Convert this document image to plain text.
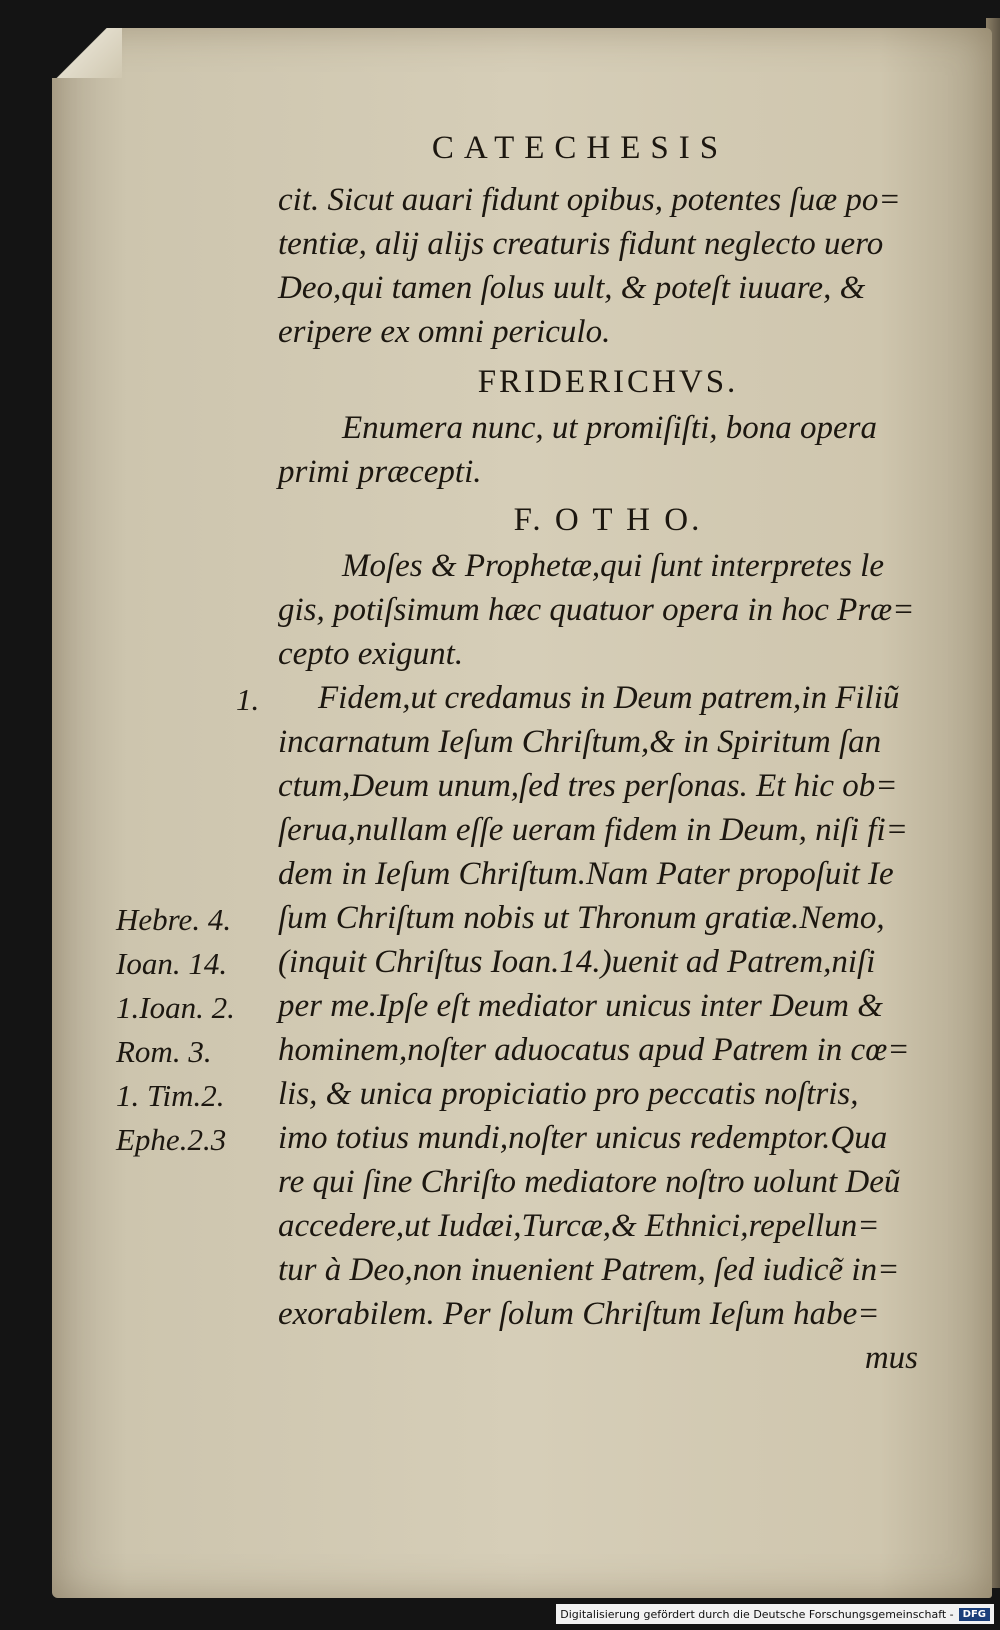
CATECHESIS
cit. Sicut auari fidunt opibus, potentes ſuæ po=
tentiæ, alij alijs creaturis fidunt neglecto uero
Deo,qui tamen ſolus uult, & poteſt iuuare, &
eripere ex omni periculo.
FRIDERICHVS.
Enumera nunc, ut promiſiſti, bona opera
primi præcepti.
F. O T H O.
Moſes & Prophetæ,qui ſunt interpretes le
gis, potiſsimum hæc quatuor opera in hoc Præ=
cepto exigunt.
Fidem,ut credamus in Deum patrem,in Filiũ
incarnatum Ieſum Chriſtum,& in Spiritum ſan
ctum,Deum unum,ſed tres perſonas. Et hic ob=
ſerua,nullam eſſe ueram fidem in Deum, niſi fi=
dem in Ieſum Chriſtum.Nam Pater propoſuit Ie
ſum Chriſtum nobis ut Thronum gratiæ.Nemo,
(inquit Chriſtus Ioan.14.)uenit ad Patrem,niſi
per me.Ipſe eſt mediator unicus inter Deum &
hominem,noſter aduocatus apud Patrem in cœ=
lis, & unica propiciatio pro peccatis noſtris,
imo totius mundi,noſter unicus redemptor.Qua
re qui ſine Chriſto mediatore noſtro uolunt Deũ
accedere,ut Iudæi,Turcæ,& Ethnici,repellun=
tur à Deo,non inuenient Patrem, ſed iudicẽ in=
exorabilem. Per ſolum Chriſtum Ieſum habe=
mus
1.
Hebre. 4.
Ioan. 14.
1.Ioan. 2.
Rom. 3.
1. Tim.2.
Ephe.2.3
Digitalisierung gefördert durch die Deutsche Forschungsgemeinschaft - DFG
